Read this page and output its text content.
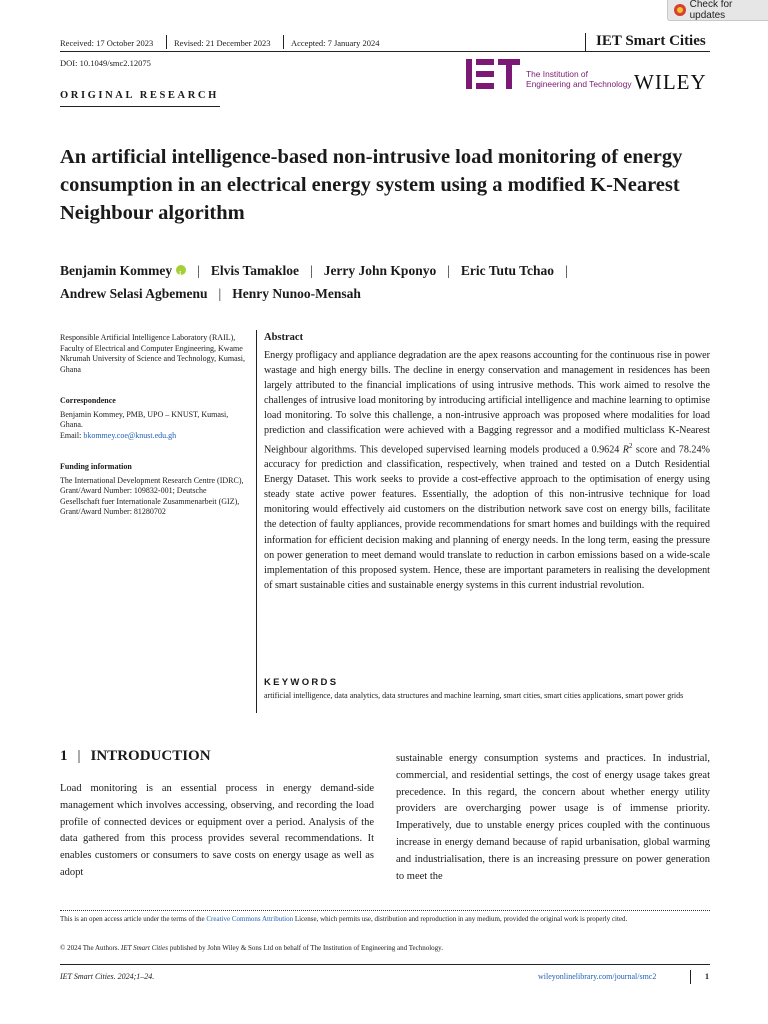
Check for updates
Received: 17 October 2023 Revised: 21 December 2023 Accepted: 7 January 2024	IET Smart Cities
DOI: 10.1049/smc2.12075
The Institution of
Engineering and Technology WILEY
ORIGINAL RESEARCH
An artificial intelligence-based non-intrusive load monitoring of energy consumption in an electrical energy system using a modified K-Nearest Neighbour algorithm
Benjamin Kommeyi | Elvis Tamakloe | Jerry John Kponyo | Eric Tutu Tchao |
Andrew Selasi Agbemenu | Henry Nunoo-Mensah
Responsible Artificial Intelligence Laboratory (RAIL), Faculty of Electrical and Computer Engineering, Kwame Nkrumah University of Science and Technology, Kumasi, Ghana
Correspondence
Benjamin Kommey, PMB, UPO – KNUST, Kumasi, Ghana.
Email: bkommey.coe@knust.edu.gh
Funding information
The International Development Research Centre (IDRC), Grant/Award Number: 109832-001; Deutsche Gesellschaft fuer Internationale Zusammenarbeit (GIZ), Grant/Award Number: 81280702
Abstract
Energy profligacy and appliance degradation are the apex reasons accounting for the continuous rise in power wastage and high energy bills. The decline in energy conservation and management in residences has been largely attributed to the financial implications of using intrusive methods. This work aimed to resolve the challenges of intrusive load monitoring by introducing artificial intelligence and machine learning to optimise load monitoring. To solve this challenge, a non-intrusive approach was proposed where modalities for load prediction and classification were achieved with a Bagging regressor and a modified multiclass K-Nearest Neighbour algorithms. This developed supervised learning models produced a 0.9624 $R^2$ score and 78.24% accuracy for prediction and classification, respectively, when trained and tested on a Dutch Residential Energy Dataset. This work seeks to provide a cost-effective approach to the optimisation of energy using steady state active power features. Essentially, the adoption of this non-intrusive technique for load monitoring would effectively aid customers on the distribution network save cost on energy bills, facilitate the detection of faulty appliances, provide recommendations for smart homes and buildings with the required information for efficient decision making and planning of energy needs. In the long term, easing the pressure on power generation to meet demand would translate to reduction in carbon emissions based on a wide-scale implementation of this proposed system. Hence, these are important parameters in realising the development of smart sustainable cities and sustainable energy systems in this current industrial revolution.
KEYWORDS
artificial intelligence, data analytics, data structures and machine learning, smart cities, smart cities applications, smart power grids
1 | INTRODUCTION
Load monitoring is an essential process in energy demand-side management which involves accessing, observing, and recording the load profile of connected devices or equipment over a period. Analysis of the data gathered from this process provides several recommendations. It enables customers or consumers to save costs on energy usage as well as adopt
sustainable energy consumption systems and practices. In industrial, commercial, and residential settings, the cost of energy usage takes great precedence. In this regard, the concern about whether energy utility providers are overcharging power usage is of immense priority. Imperatively, due to unstable energy prices coupled with the continuous increase in energy demand because of rapid urbanisation, global warming and industrialisation, there is an increasing pressure on power generation to meet the
This is an open access article under the terms of the Creative Commons Attribution License, which permits use, distribution and reproduction in any medium, provided the original work is properly cited.
© 2024 The Authors. IET Smart Cities published by John Wiley & Sons Ltd on behalf of The Institution of Engineering and Technology.
IET Smart Cities. 2024;1–24.	wileyonlinelibrary.com/journal/smc2	1
